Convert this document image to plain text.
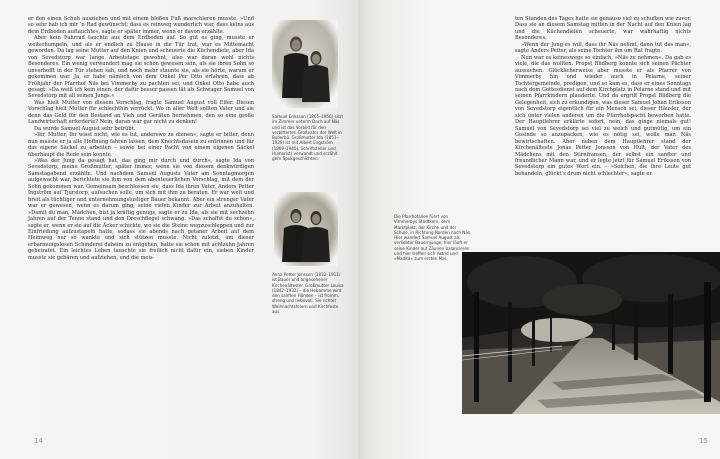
er den einen Schuh ausziehen und mit einem bloßen Fuß marschieren musste. »Und so sehr hab ich mir ’n Rad gewünscht; dass es reinweg wunderlich war, dass keins aus dem Erdboden auftauchte«, sagte er später immer, wenn er davon erzählte.

Aber kein Fahrrad tauchte aus dem Erdboden auf. So gut es ging, musste er weiterhumpeln, und als er endlich zu Hause in die Tür trat, war es Mittemacht geworden. Da lag seine Mutter auf den Knien und scheuerte die Küchendiele, aber Ida von Sevedstorp war lange Arbeitstage gewohnt, also war daran wohl nichts Besonderes. Ein wenig verwundert mag sie schon gewesen sein, als sie ihren Sohn so unverhofft in der Tür stehen sah, und noch mehr staunte sie, als sie hörte, warum er gekommen war. Ja, er habe nämlich von dem Onkel Per Otto erfahren, dass ab Frühjahr der Pfarrhof Näs bei Vimmerby zu pachten sei, und Onkel Otto habe auch gesagt: »Da weiß ich kein einen, der dafür besser passen tät als Schwager Samuel von Sevedstorp mit all seinen Jungs.«

Was hielt Mutter von diesem Vorschlag, fragte Samuel August voll Eifer. Diesen Vorschlag hielt Mutter für schlechthin verrückt. Wo in aller Welt sollten Vater und sie denn das Geld für den Bestand an Vieh und Geräten hernehmen, den so eine große Landwirtschaft erforderte? Nein, daran war gar nicht zu denken!

Da wurde Samuel August sehr betrübt.

»Ihr, Mutter, Ihr wisst nicht, wie es tut, anderswo zu dienen«, sagte er bitter, denn nun musste er ja alle Hoffnung fahren lassen, dem Knechtsdasein zu entrinnen und für das eigene Säckel zu arbeiten – sowie bei einer Pacht von einem eigenen Säckel überhaupt die Rede sein konnte.

»Was der Jung da gesagt hat, das ging mir durch und durch«, sagte Ida von Sevedstorp, meine Großmutter, später immer, wenn sie von diesem denkwürdigen Samstagabend erzählte. Und nachdem Samuel Augusts Vater am Sonntagmorgen aufgewacht war, berichtete sie ihm von dem abenteuerlichen Vorschlag, mit dem der Sohn gekommen war. Gemeinsam beschlossen sie, dass Ida ihren Vater, Anders Petter Ingström auf Tjurstorp, aufsuchen solle, um sich mit ihm zu beraten. Er war weit und breit als tüchtiger und unternehmungslustiger Bauer bekannt. Aber ein strenger Vater war er gewesen, wenn es darum ging, seine vielen Kinder zur Arbeit anzuhalten. »Damit du man, Mädchen, bist ja kräftig genugs, sagte er zu Ida, als sie mit sechzehn Jahren auf der Tenne stand und den Dreschflegel schwang. »Das schaffst du schon«, sagte er, wenn er sie auf die Äcker schickte, wo sie die Steine wegzuschleppen und zur Einfriedung aufzustapeln hatte, sodass sie abends nach getaner Arbeit auf dem Heimweg nur so wankte und sich stützen musste. Nicht zuletzt, um dieser erbarmungslosen Schinderei daheim zu entgehen, hatte sie schon mit achtzehn Jahren geheiratet. Ein leichtes Leben tauschte sie freilich nicht dafür ein, sieben Kinder musste sie gebären und aufziehen, und die meis-

Samuel Eriksson (1865–1956) sitzt im Zimmer unterm Dach auf Näs und ist das Vorbild für den verbitterten Großvater der Welt in Bullerbü. Großmutter Ida (1851–1929) ist mit Albert Engström (1869–1940), Schriftsteller und Humorist) verwandt und erzählt gern Spukgeschichten.
Anna Petter Jonsson (1832–1911) ist Bauer und angesehener Kirchenältester. Großmutter Louisa (1842–1932) – die Hebamme wird den sanften Händen – ist fromm, streng und liebevoll. Sie richtet Weihnachtsfeiern und Kirchfeste aus.
14
Die Pfarrhofallee führt von Vimmerbys Stadtkern, dem Marktplatz, der Kirche und der Schule, in Richtung Norden nach Näs. Hier wandert Samuel August als verliebter Bauernjunge; hier läuft er seine Kinder auf Zäunen balancieren und hier treffen sich Astrid und »Madita« zum ersten Mal.

ten Stunden des Tages hatte sie genauso viel zu schuften wie zuvor. Dass sie an diesem Samstag mitten in der Nacht auf den Knien lag und die Küchendielen scheuerte, war wahrhaftig nichts Besonderes.

»Wenn der Jung es will, dass ihr Näs nehmt, dann tut das man«, sagte Anders Petter, als seine Tochter ihn um Rat fragte.

Nun war es keineswegs so einfach, »Näs zu nehmen«. Da gab es viele, die das wollten. Propst Blidberg konnte sich seinen Pächter aussuchen. Glücklicherweise aber musste er als Pfarrer von Vimmerby hin und wieder auch in Pelarne, seiner Tochtergemeinde, predigen, und so kam es, dass er eines Sonntags nach dem Gottesdienst auf dem Kirchplatz in Pelarne stand und mit seinen Pfarrkindern plauderte. Und da ergriff Propst Blidberg die Gelegenheit, sich zu erkundigen, was dieser Samuel Johan Eriksson von Sevedstorp eigentlich für ein Mensch sei, dieser Häusler, der sich unter vielen anderen um die Pfarrhofspacht beworben hatte. Der Hauptlehrer erklärte sofort, nein, das ginge niemals gut! Samuel von Sevedstorp sei viel zu weich und gutmütig, um ein Gesinde so anzupacken, wie es nötig sei, wolle man Näs bewirtschaften. Aber neben dem Hauptlehrer stand der Kirchenälteste Jonas Petter Jonsson von Hult, der Vater des Mädchens mit den Stirnfransen, der selbst ein sanfter und freundlicher Mann war, und er legte jetzt für Samuel Eriksson von Sevedstorp ein gutes Wort ein. – »Solchen, die ihre Leute gut behandeln, glückt’s drum nicht schlechter«, sagte er.

15
